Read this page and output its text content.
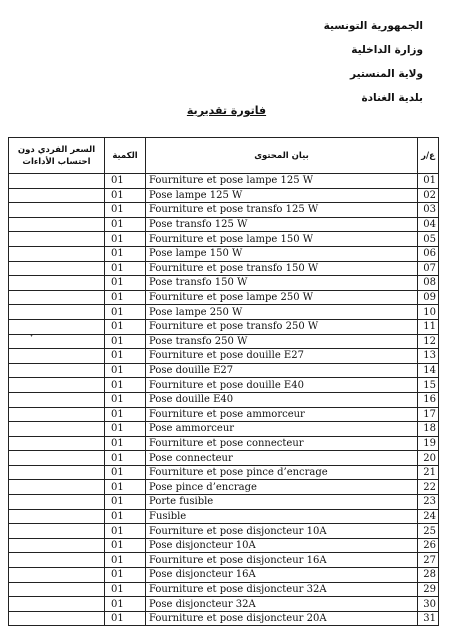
الجمهورية التونسية
وزارة الداخلية
ولاية المنستير
بلدية الغنادة
فاتورة تقديرية
▾
السعر الفردي دون احتساب الأداءات	الكمية	بيان المحتوى	ع/ر
	01	Fourniture et pose lampe 125 W	01
	01	Pose lampe 125 W	02
	01	Fourniture et pose transfo 125 W	03
	01	Pose transfo 125 W	04
	01	Fourniture et pose lampe 150 W	05
	01	Pose lampe 150 W	06
	01	Fourniture et pose transfo 150 W	07
	01	Pose transfo 150 W	08
	01	Fourniture et pose lampe 250 W	09
	01	Pose lampe 250 W	10
	01	Fourniture et pose transfo 250 W	11
	01	Pose transfo 250 W	12
	01	Fourniture et pose douille E27	13
	01	Pose douille E27	14
	01	Fourniture et pose douille E40	15
	01	Pose douille E40	16
	01	Fourniture et pose ammorceur	17
	01	Pose ammorceur	18
	01	Fourniture et pose connecteur	19
	01	Pose connecteur	20
	01	Fourniture et pose pince d’encrage	21
	01	Pose pince d’encrage	22
	01	Porte fusible	23
	01	Fusible	24
	01	Fourniture et pose disjoncteur 10A	25
	01	Pose disjoncteur 10A	26
	01	Fourniture et pose disjoncteur 16A	27
	01	Pose disjoncteur 16A	28
	01	Fourniture et pose disjoncteur 32A	29
	01	Pose disjoncteur 32A	30
	01	Fourniture et pose disjoncteur 20A	31
